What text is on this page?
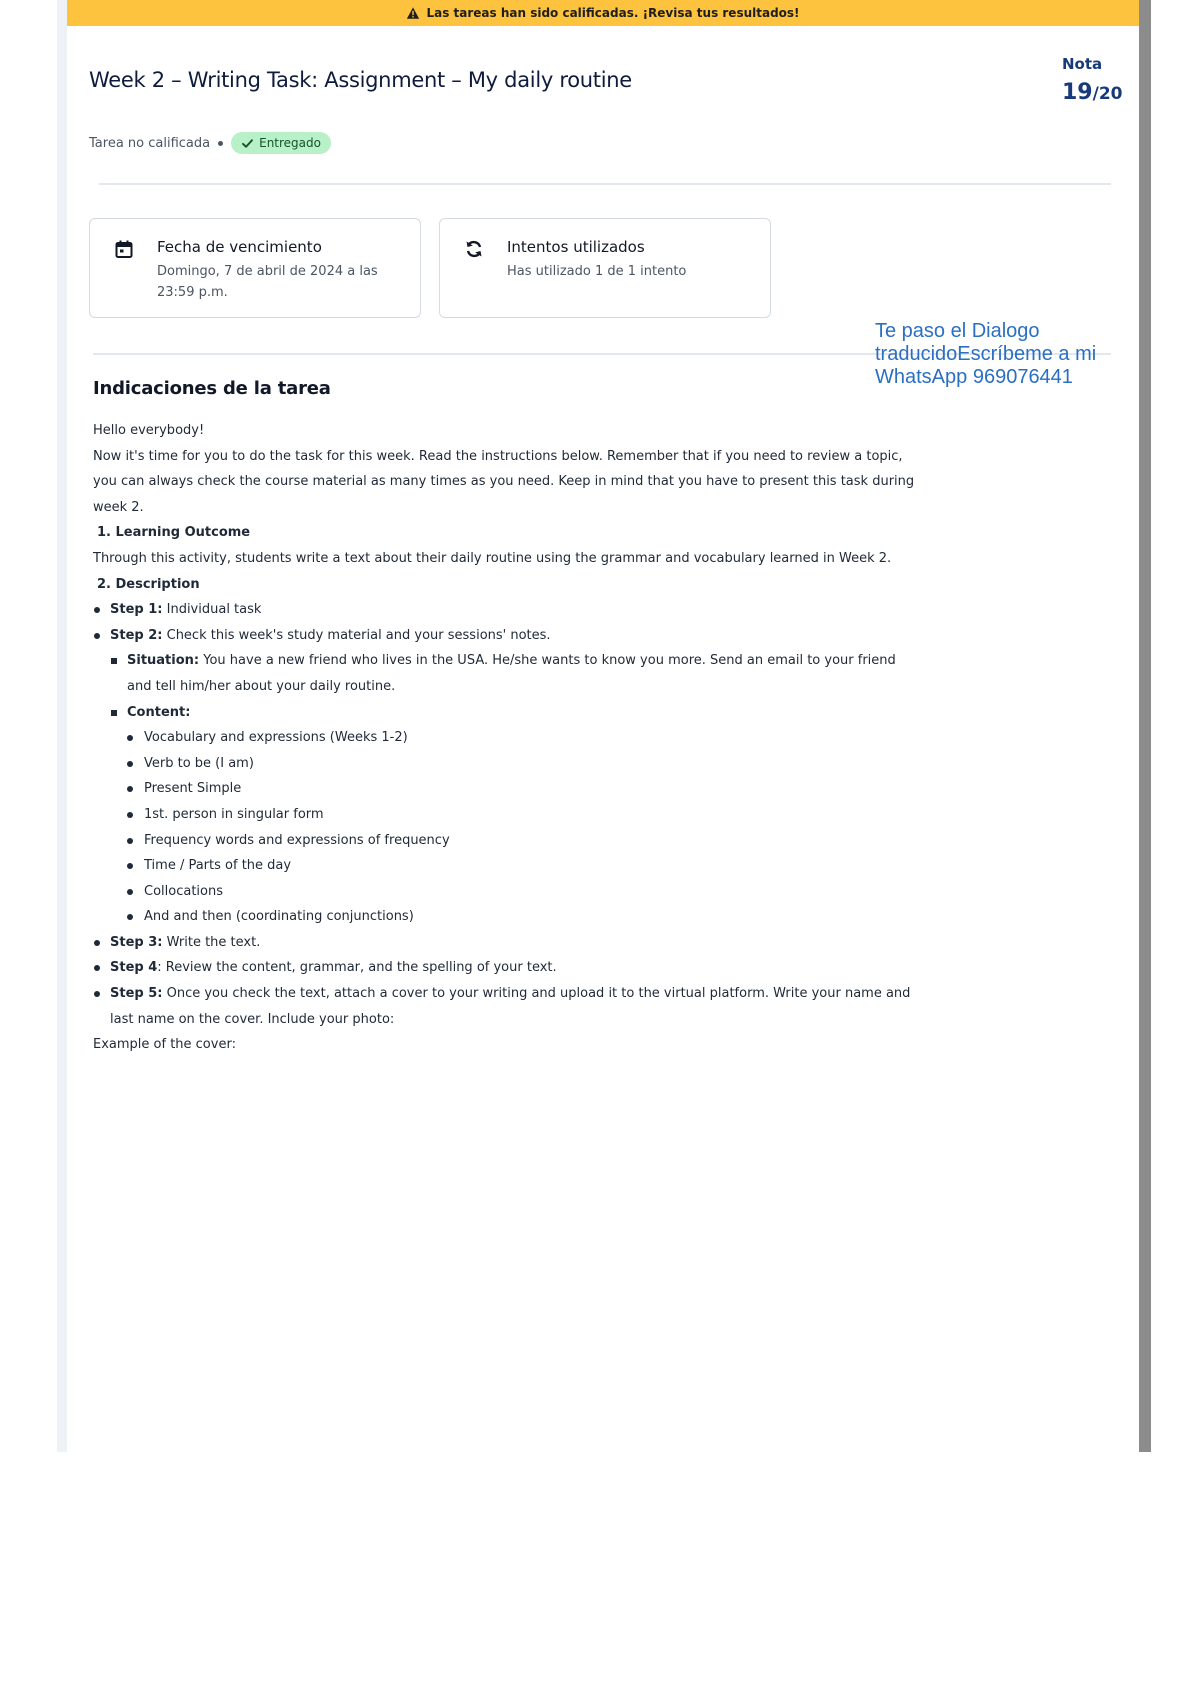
Las tareas han sido calificadas. ¡Revisa tus resultados!
Week 2 – Writing Task: Assignment – My daily routine
Nota
19/20
Tarea no calificada	Entregado
Fecha de vencimiento
Domingo, 7 de abril de 2024 a las 23:59 p.m.
Intentos utilizados
Has utilizado 1 de 1 intento
Te paso el Dialogo traducidoEscríbeme a mi WhatsApp 969076441
Indicaciones de la tarea

Hello everybody!

Now it's time for you to do the task for this week. Read the instructions below. Remember that if you need to review a topic, you can always check the course material as many times as you need. Keep in mind that you have to present this task during week 2.

1. Learning Outcome

Through this activity, students write a text about their daily routine using the grammar and vocabulary learned in Week 2.

2. Description

Step 1: Individual task
Step 2: Check this week's study material and your sessions' notes.
Situation: You have a new friend who lives in the USA. He/she wants to know you more. Send an email to your friend and tell him/her about your daily routine.
Content:
Vocabulary and expressions (Weeks 1-2)
Verb to be (I am)
Present Simple
1st. person in singular form
Frequency words and expressions of frequency
Time / Parts of the day
Collocations
And and then (coordinating conjunctions)
Step 3: Write the text.
Step 4: Review the content, grammar, and the spelling of your text.
Step 5: Once you check the text, attach a cover to your writing and upload it to the virtual platform. Write your name and last name on the cover. Include your photo:

Example of the cover:
